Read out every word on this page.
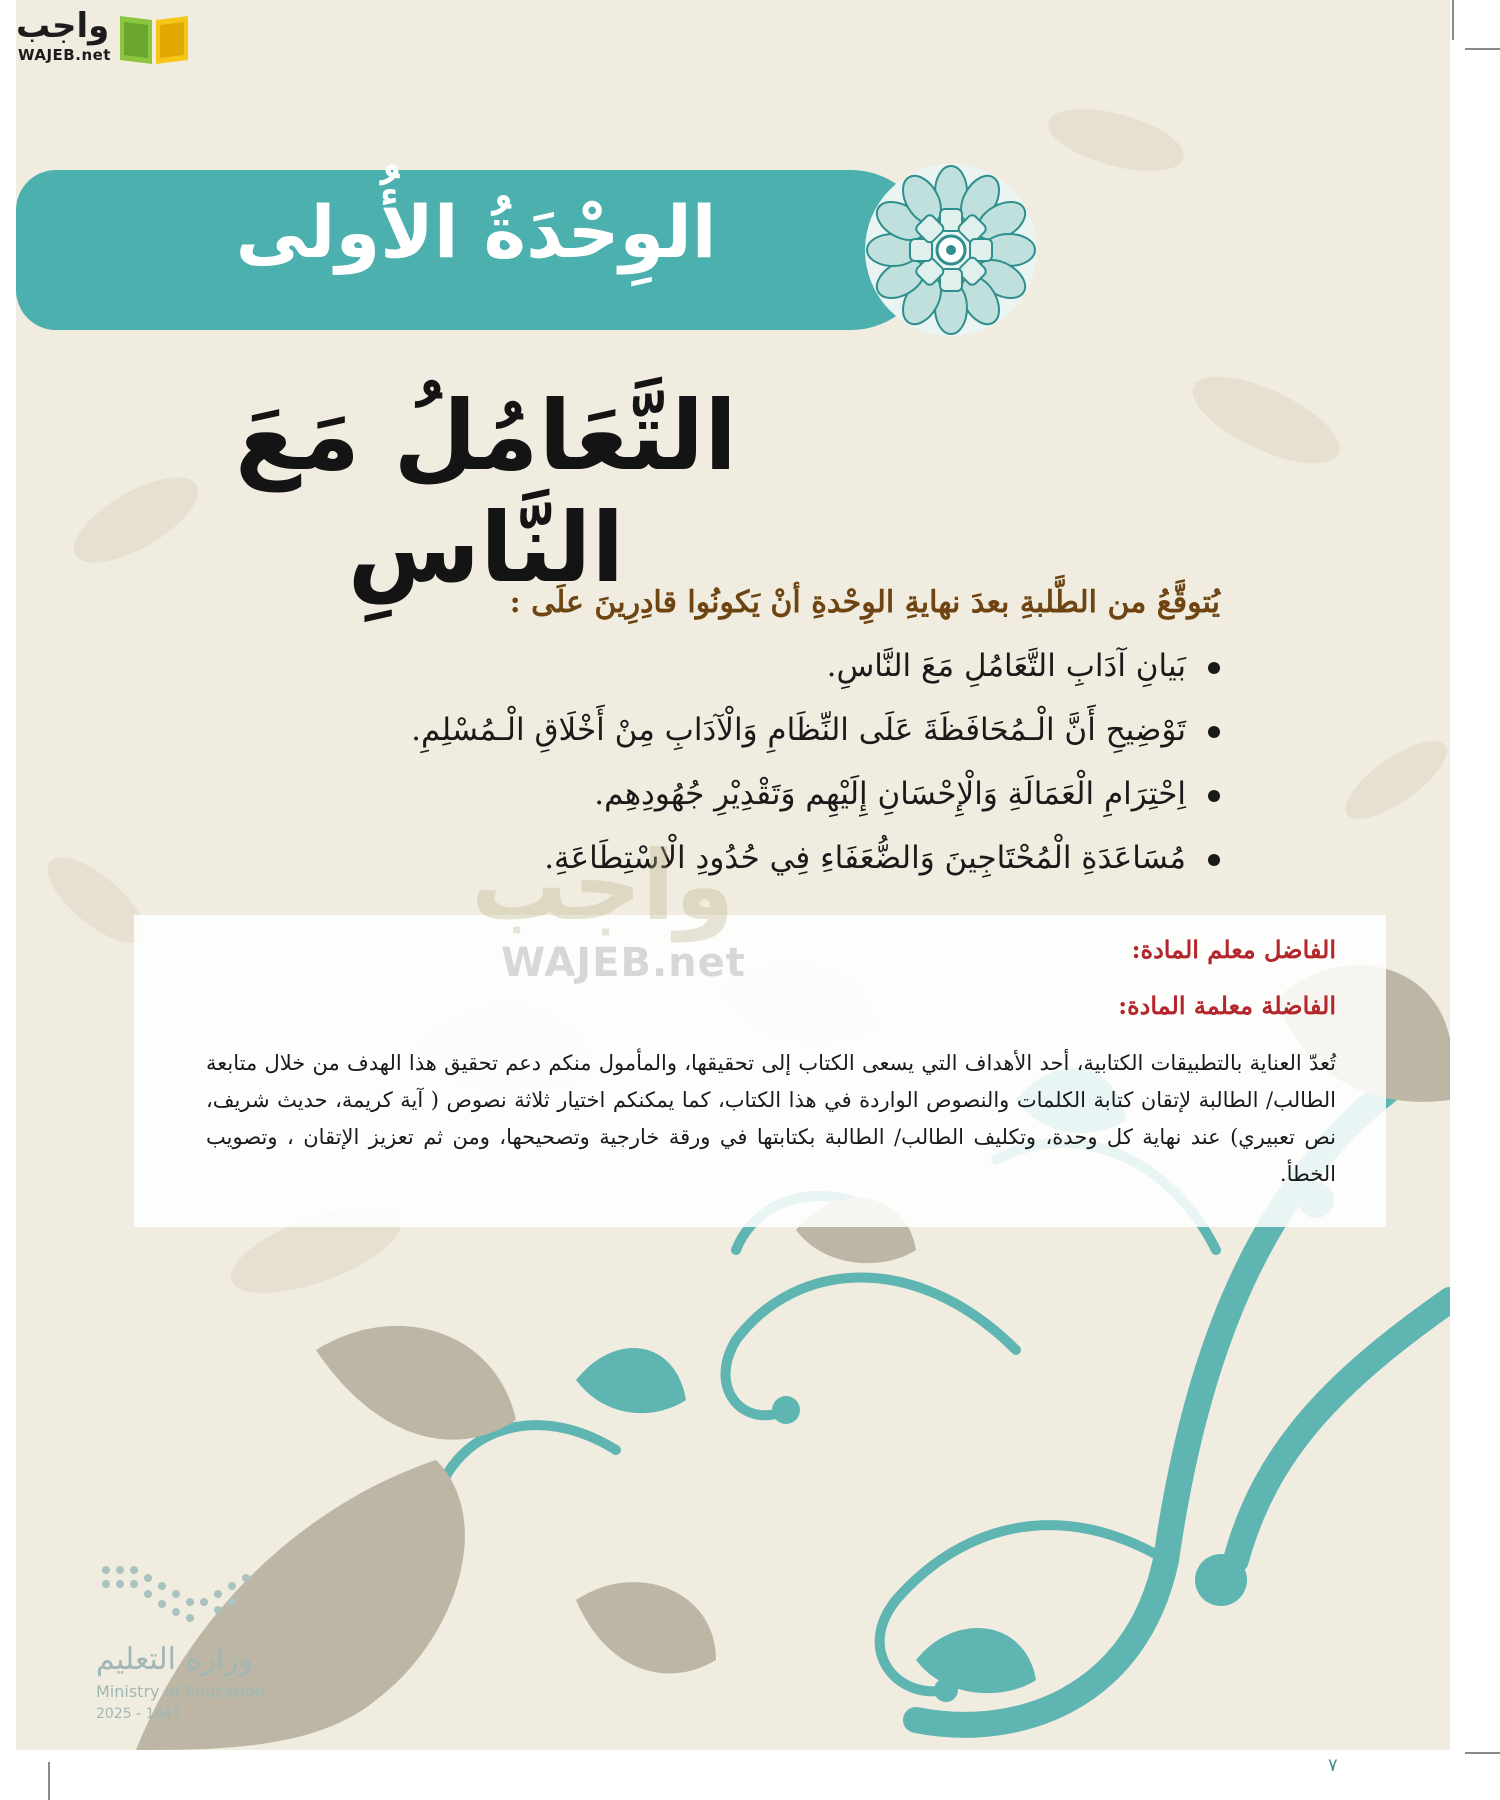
الوِحْدَةُ الأُولى
التَّعَامُلُ مَعَ النَّاسِ
يُتوقَّعُ من الطَّلبةِ بعدَ نهايةِ الوِحْدةِ أنْ يَكونُوا قادِرِينَ علَى :
بَيانِ آدَابِ التَّعَامُلِ مَعَ النَّاسِ.
تَوْضِيحِ أَنَّ الْـمُحَافَظَةَ عَلَى النِّظَامِ وَالْآدَابِ مِنْ أَخْلَاقِ الْـمُسْلِمِ.
اِحْتِرَامِ الْعَمَالَةِ وَالْإِحْسَانِ إِلَيْهِم وَتَقْدِيْرِ جُهُودِهِم.
مُسَاعَدَةِ الْمُحْتَاجِينَ وَالضُّعَفَاءِ فِي حُدُودِ الْاسْتِطَاعَةِ.
الفاضل معلم المادة:
الفاضلة معلمة المادة:
تُعدّ العناية بالتطبيقات الكتابية، أحد الأهداف التي يسعى الكتاب إلى تحقيقها، والمأمول منكم دعم تحقيق هذا الهدف من خلال متابعة الطالب/ الطالبة لإتقان كتابة الكلمات والنصوص الواردة في هذا الكتاب، كما يمكنكم اختيار ثلاثة نصوص ( آية كريمة، حديث شريف، نص تعبيري) عند نهاية كل وحدة، وتكليف الطالب/ الطالبة بكتابتها في ورقة خارجية وتصحيحها، ومن ثم تعزيز الإتقان ، وتصويب الخطأ.
واجب
WAJEB.net
وزارة التعليم
Ministry of Education
2025 - 1447
واجب
WAJEB.net
٧
